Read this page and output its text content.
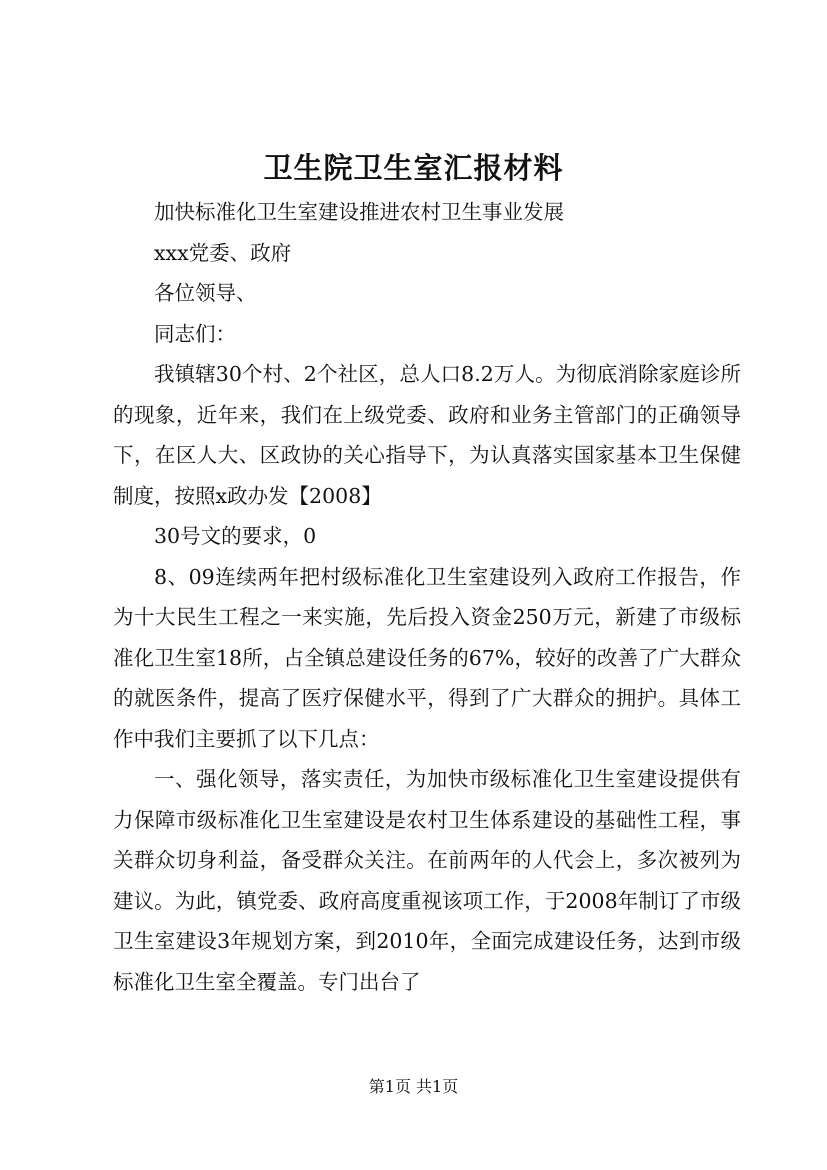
卫生院卫生室汇报材料

加快标准化卫生室建设推进农村卫生事业发展

xxx党委、政府

各位领导、

同志们：

我镇辖30个村、2个社区，总人口8.2万人。为彻底消除家庭诊所的现象，近年来，我们在上级党委、政府和业务主管部门的正确领导下，在区人大、区政协的关心指导下，为认真落实国家基本卫生保健制度，按照x政办发【2008】

30号文的要求，0

8、09连续两年把村级标准化卫生室建设列入政府工作报告，作为十大民生工程之一来实施，先后投入资金250万元，新建了市级标准化卫生室18所，占全镇总建设任务的67%，较好的改善了广大群众的就医条件，提高了医疗保健水平，得到了广大群众的拥护。具体工作中我们主要抓了以下几点：

一、强化领导，落实责任，为加快市级标准化卫生室建设提供有力保障市级标准化卫生室建设是农村卫生体系建设的基础性工程，事关群众切身利益，备受群众关注。在前两年的人代会上，多次被列为建议。为此，镇党委、政府高度重视该项工作，于2008年制订了市级卫生室建设3年规划方案，到2010年，全面完成建设任务，达到市级标准化卫生室全覆盖。专门出台了

第1页 共1页
